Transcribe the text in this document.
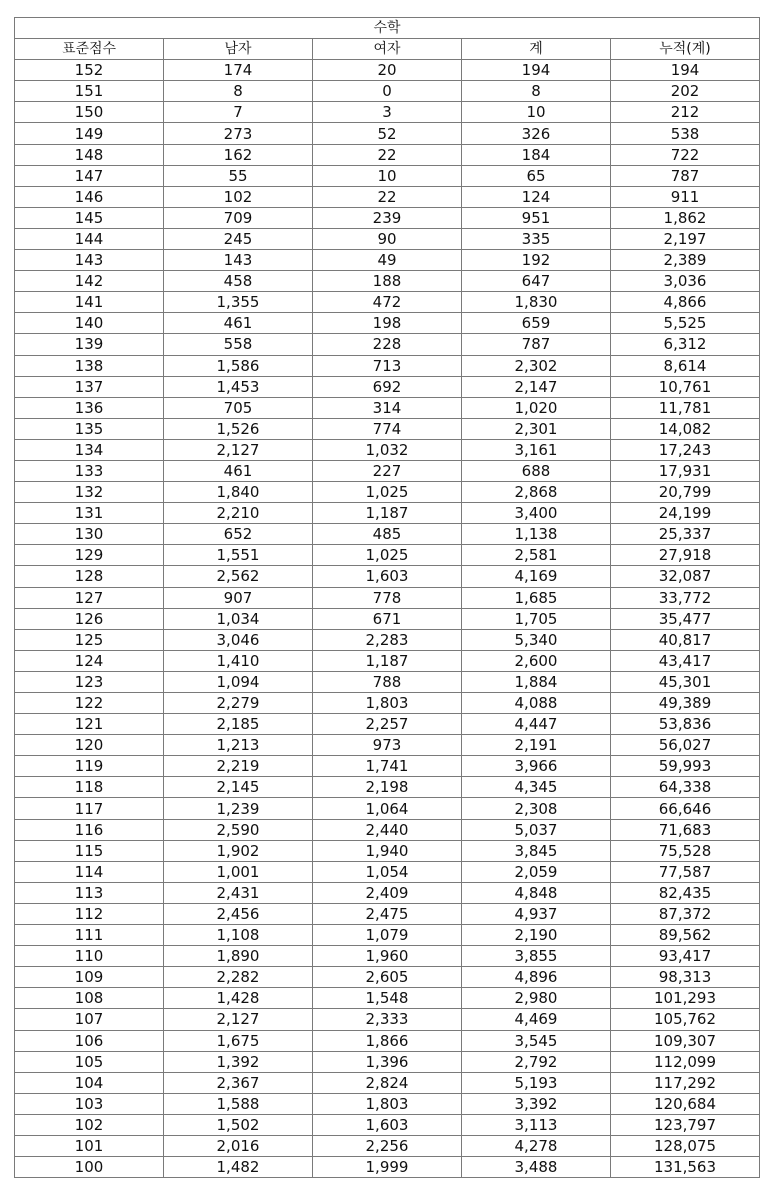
수학				
표준점수	남자	여자	계	누적(계)
152	174	20	194	194
151	8	0	8	202
150	7	3	10	212
149	273	52	326	538
148	162	22	184	722
147	55	10	65	787
146	102	22	124	911
145	709	239	951	1,862
144	245	90	335	2,197
143	143	49	192	2,389
142	458	188	647	3,036
141	1,355	472	1,830	4,866
140	461	198	659	5,525
139	558	228	787	6,312
138	1,586	713	2,302	8,614
137	1,453	692	2,147	10,761
136	705	314	1,020	11,781
135	1,526	774	2,301	14,082
134	2,127	1,032	3,161	17,243
133	461	227	688	17,931
132	1,840	1,025	2,868	20,799
131	2,210	1,187	3,400	24,199
130	652	485	1,138	25,337
129	1,551	1,025	2,581	27,918
128	2,562	1,603	4,169	32,087
127	907	778	1,685	33,772
126	1,034	671	1,705	35,477
125	3,046	2,283	5,340	40,817
124	1,410	1,187	2,600	43,417
123	1,094	788	1,884	45,301
122	2,279	1,803	4,088	49,389
121	2,185	2,257	4,447	53,836
120	1,213	973	2,191	56,027
119	2,219	1,741	3,966	59,993
118	2,145	2,198	4,345	64,338
117	1,239	1,064	2,308	66,646
116	2,590	2,440	5,037	71,683
115	1,902	1,940	3,845	75,528
114	1,001	1,054	2,059	77,587
113	2,431	2,409	4,848	82,435
112	2,456	2,475	4,937	87,372
111	1,108	1,079	2,190	89,562
110	1,890	1,960	3,855	93,417
109	2,282	2,605	4,896	98,313
108	1,428	1,548	2,980	101,293
107	2,127	2,333	4,469	105,762
106	1,675	1,866	3,545	109,307
105	1,392	1,396	2,792	112,099
104	2,367	2,824	5,193	117,292
103	1,588	1,803	3,392	120,684
102	1,502	1,603	3,113	123,797
101	2,016	2,256	4,278	128,075
100	1,482	1,999	3,488	131,563
